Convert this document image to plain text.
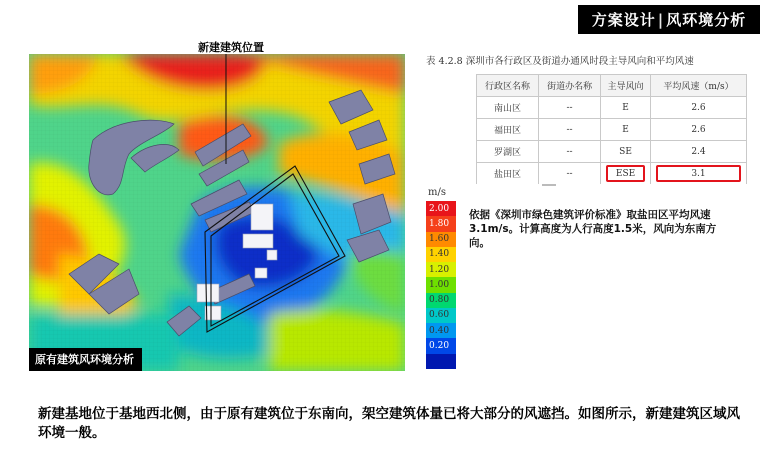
方案设计 | 风环境分析
新建建筑位置
原有建筑风环境分析
m/s
2.00
1.80
1.60
1.40
1.20
1.00
0.80
0.60
0.40
0.20
表 4.2.8 深圳市各行政区及街道办通风时段主导风向和平均风速
行政区名称	街道办名称	主导风向	平均风速（m/s）
南山区	--	E	2.6
福田区	--	E	2.6
罗湖区	--	SE	2.4
盐田区	--	ESE	3.1
依据《深圳市绿色建筑评价标准》取盐田区平均风速3.1m/s。计算高度为人行高度1.5米，风向为东南方向。
新建基地位于基地西北侧，由于原有建筑位于东南向，架空建筑体量已将大部分的风遮挡。如图所示，新建建筑区域风环境一般。
